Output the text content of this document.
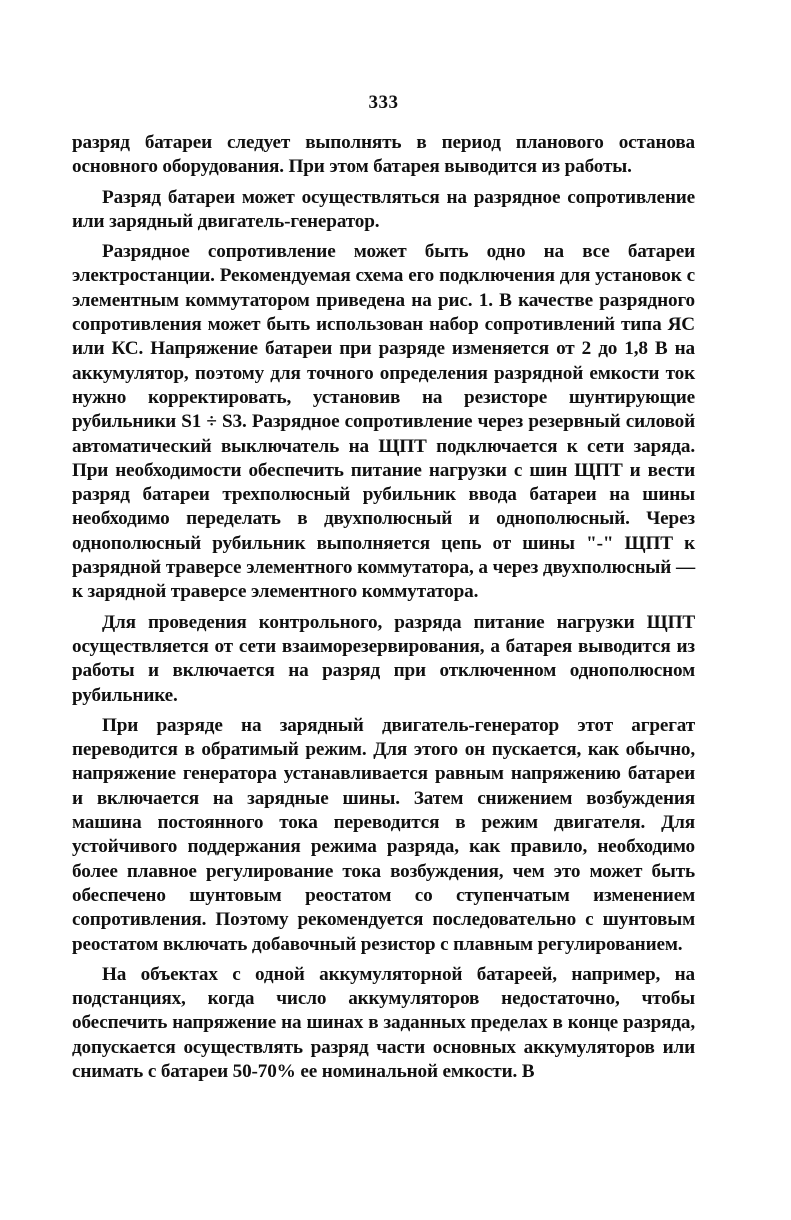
333

разряд батареи следует выполнять в период планового останова основного оборудования. При этом батарея выводится из работы.

Разряд батареи может осуществляться на разрядное сопротивление или зарядный двигатель-генератор.

Разрядное сопротивление может быть одно на все батареи электростанции. Рекомендуемая схема его подключения для установок с элементным коммутатором приведена на рис. 1. В качестве разрядного сопротивления может быть использован набор сопротивлений типа ЯС или КС. Напряжение батареи при разряде изменяется от 2 до 1,8 В на аккумулятор, поэтому для точного определения разрядной емкости ток нужно корректировать, установив на резисторе шунтирующие рубильники S1 ÷ S3. Разрядное сопротивление через резервный силовой автоматический выключатель на ЩПТ подключается к сети заряда. При необходимости обеспечить питание нагрузки с шин ЩПТ и вести разряд батареи трехполюсный рубильник ввода батареи на шины необходимо переделать в двухполюсный и однополюсный. Через однополюсный рубильник выполняется цепь от шины "-" ЩПТ к разрядной траверсе элементного коммутатора, а через двухполюсный — к зарядной траверсе элементного коммутатора.

Для проведения контрольного, разряда питание нагрузки ЩПТ осуществляется от сети взаиморезервирования, а батарея выводится из работы и включается на разряд при отключенном однополюсном рубильнике.

При разряде на зарядный двигатель-генератор этот агрегат переводится в обратимый режим. Для этого он пускается, как обычно, напряжение генератора устанавливается равным напряжению батареи и включается на зарядные шины. Затем снижением возбуждения машина постоянного тока переводится в режим двигателя. Для устойчивого поддержания режима разряда, как правило, необходимо более плавное регулирование тока возбуждения, чем это может быть обеспечено шунтовым реостатом со ступенчатым изменением сопротивления. Поэтому рекомендуется последовательно с шунтовым реостатом включать добавочный резистор с плавным регулированием.

На объектах с одной аккумуляторной батареей, например, на подстанциях, когда число аккумуляторов недостаточно, чтобы обеспечить напряжение на шинах в заданных пределах в конце разряда, допускается осуществлять разряд части основных аккумуляторов или снимать с батареи 50-70% ее номинальной емкости. В
